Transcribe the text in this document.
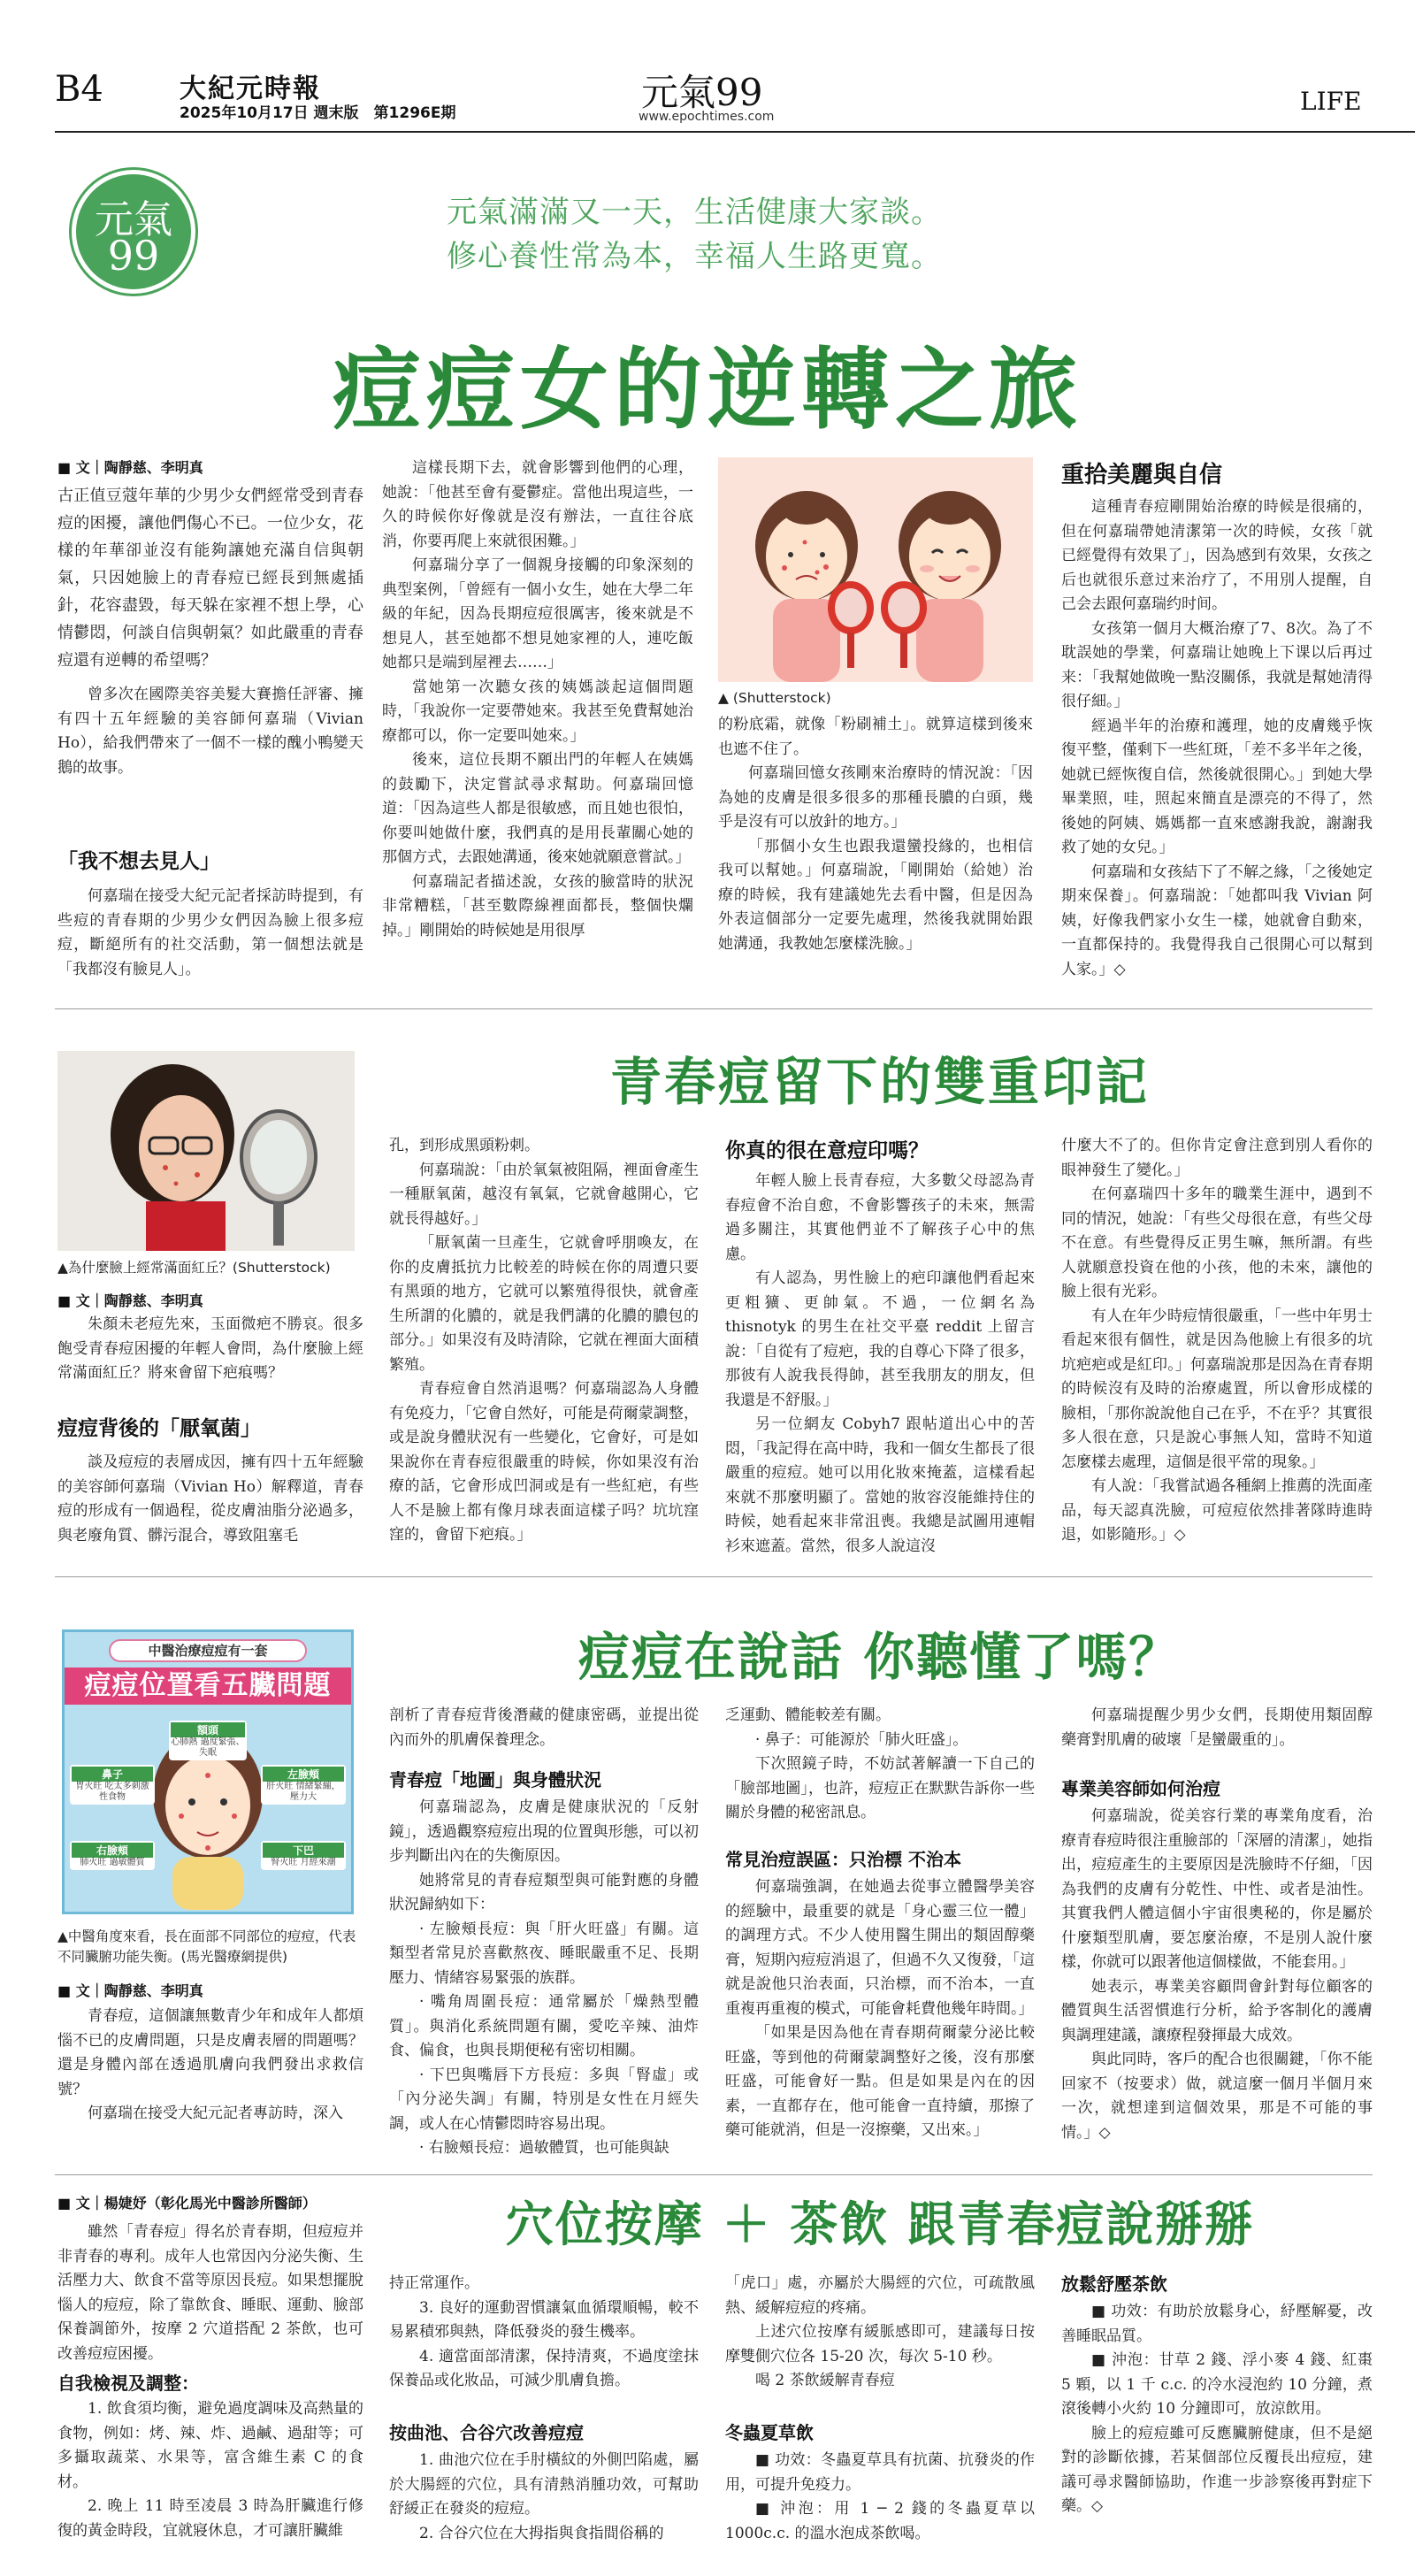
B4	大紀元時報
2025年10月17日 週末版　第1296E期	元氣99
www.epochtimes.com
LIFE
元氣
99
元氣滿滿又一天，生活健康大家談。
修心養性常為本，幸福人生路更寬。
痘痘女的逆轉之旅
■ 文｜陶靜慈、李明真

古正值豆蔻年華的少男少女們經常受到青春痘的困擾，讓他們傷心不已。一位少女，花樣的年華卻並沒有能夠讓她充滿自信與朝氣，只因她臉上的青春痘已經長到無處插針，花容盡毀，每天躲在家裡不想上學，心情鬱悶，何談自信與朝氣？如此嚴重的青春痘還有逆轉的希望嗎？

曾多次在國際美容美髮大賽擔任評審、擁有四十五年經驗的美容師何嘉瑞（Vivian Ho），給我們帶來了一個不一樣的醜小鴨變天鵝的故事。

「我不想去見人」

何嘉瑞在接受大紀元記者採訪時提到，有些痘的青春期的少男少女們因為臉上很多痘痘，斷絕所有的社交活動，第一個想法就是「我都沒有臉見人」。

這樣長期下去，就會影響到他們的心理，她說：「他甚至會有憂鬱症。當他出現這些，一久的時候你好像就是沒有辦法，一直往谷底消，你要再爬上來就很困難。」

何嘉瑞分享了一個親身接觸的印象深刻的典型案例，「曾經有一個小女生，她在大學二年級的年紀，因為長期痘痘很厲害，後來就是不想見人，甚至她都不想見她家裡的人，連吃飯她都只是端到屋裡去……」

當她第一次聽女孩的姨媽談起這個問題時，「我說你一定要帶她來。我甚至免費幫她治療都可以，你一定要叫她來。」

後來，這位長期不願出門的年輕人在姨媽的鼓勵下，決定嘗試尋求幫助。何嘉瑞回憶道：「因為這些人都是很敏感，而且她也很怕，你要叫她做什麼，我們真的是用長輩關心她的那個方式，去跟她溝通，後來她就願意嘗試。」

何嘉瑞記者描述說，女孩的臉當時的狀況非常糟糕，「甚至數際線裡面都長，整個快爛掉。」剛開始的時候她是用很厚

▲ (Shutterstock)

的粉底霜，就像「粉刷補土」。就算這樣到後來也遮不住了。

何嘉瑞回憶女孩剛來治療時的情況說：「因為她的皮膚是很多很多的那種長膿的白頭，幾乎是沒有可以放針的地方。」

「那個小女生也跟我還蠻投緣的，也相信我可以幫她。」何嘉瑞說，「剛開始（給她）治療的時候，我有建議她先去看中醫，但是因為外表這個部分一定要先處理，然後我就開始跟她溝通，我教她怎麼樣洗臉。」

重拾美麗與自信

這種青春痘剛開始治療的時候是很痛的，但在何嘉瑞帶她清潔第一次的時候，女孩「就已經覺得有效果了」，因為感到有效果，女孩之后也就很乐意过来治疗了，不用別人提醒，自己会去跟何嘉瑞约时间。

女孩第一個月大概治療了7、8次。為了不耽誤她的學業，何嘉瑞让她晚上下课以后再过来：「我幫她做晚一點沒關係，我就是幫她清得很仔細。」

經過半年的治療和護理，她的皮膚幾乎恢復平整，僅剩下一些紅斑，「差不多半年之後，她就已經恢復自信，然後就很開心。」到她大學畢業照，哇，照起來簡直是漂亮的不得了，然後她的阿姨、媽媽都一直來感謝我說，謝謝我救了她的女兒。」

何嘉瑞和女孩結下了不解之緣，「之後她定期來保養」。何嘉瑞說：「她都叫我 Vivian 阿姨，好像我們家小女生一樣，她就會自動來，一直都保持的。我覺得我自己很開心可以幫到人家。」◇

▲為什麼臉上經常滿面紅丘？(Shutterstock)
■ 文｜陶靜慈、李明真

朱顏未老痘先來，玉面微疤不勝哀。很多飽受青春痘困擾的年輕人會問，為什麼臉上經常滿面紅丘？將來會留下疤痕嗎？

痘痘背後的「厭氧菌」

談及痘痘的表層成因，擁有四十五年經驗的美容師何嘉瑞（Vivian Ho）解釋道，青春痘的形成有一個過程，從皮膚油脂分泌過多，與老廢角質、髒污混合，導致阻塞毛

青春痘留下的雙重印記

孔，到形成黑頭粉刺。

何嘉瑞說：「由於氧氣被阻隔，裡面會產生一種厭氧菌，越沒有氧氣，它就會越開心，它就長得越好。」

「厭氧菌一旦產生，它就會呼朋喚友，在你的皮膚抵抗力比較差的時候在你的周遭只要有黑頭的地方，它就可以繁殖得很快，就會產生所謂的化膿的，就是我們講的化膿的膿包的部分。」如果沒有及時清除，它就在裡面大面積繁殖。

青春痘會自然消退嗎？何嘉瑞認為人身體有免疫力，「它會自然好，可能是荷爾蒙調整，或是說身體狀況有一些變化，它會好，可是如果說你在青春痘很嚴重的時候，你如果沒有治療的話，它會形成凹洞或是有一些紅疤，有些人不是臉上都有像月球表面這樣子吗？坑坑窪窪的，會留下疤痕。」

你真的很在意痘印嗎？

年輕人臉上長青春痘，大多數父母認為青春痘會不治自愈，不會影響孩子的未來，無需過多關注，其實他們並不了解孩子心中的焦慮。

有人認為，男性臉上的疤印讓他們看起來更粗獷、更帥氣。不過，一位網名為 thisnotyk 的男生在社交平臺 reddit 上留言說：「自從有了痘疤，我的自尊心下降了很多，那彼有人說我長得帥，甚至我朋友的朋友，但我還是不舒服。」

另一位網友 Cobyh7 跟帖道出心中的苦悶，「我記得在高中時，我和一個女生都長了很嚴重的痘痘。她可以用化妝來掩蓋，這樣看起來就不那麼明顯了。當她的妝容沒能維持住的時候，她看起來非常沮喪。我總是試圖用連帽衫來遮蓋。當然，很多人說這沒

什麼大不了的。但你肯定會注意到別人看你的眼神發生了變化。」

在何嘉瑞四十多年的職業生涯中，遇到不同的情況，她說：「有些父母很在意，有些父母不在意。有些覺得反正男生嘛，無所謂。有些人就願意投資在他的小孩，他的未來，讓他的臉上很有光彩。

有人在年少時痘情很嚴重，「一些中年男士看起來很有個性，就是因為他臉上有很多的坑坑疤疤或是紅印。」何嘉瑞說那是因為在青春期的時候沒有及時的治療處置，所以會形成樣的臉相，「那你說說他自己在乎，不在乎？其實很多人很在意，只是說心事無人知，當時不知道怎麼樣去處理，這個是很平常的現象。」

有人說：「我嘗試過各種網上推薦的洗面產品，每天認真洗臉，可痘痘依然排著隊時進時退，如影隨形。」◇

中醫治療痘痘有一套
痘痘位置看五臟問題
額頭
心肺熱 過度緊張、失眠
鼻子
胃火旺 吃太多刺激性食物
左臉頰
肝火旺 情緒緊繃，壓力大
右臉頰
肺火旺 過敏體質
下巴
腎火旺 月經來潮
▲中醫角度來看，長在面部不同部位的痘痘，代表不同臟腑功能失衡。(馬光醫療網提供)
■ 文｜陶靜慈、李明真

青春痘，這個讓無數青少年和成年人都煩惱不已的皮膚問題，只是皮膚表層的問題嗎？還是身體內部在透過肌膚向我們發出求救信號？

何嘉瑞在接受大紀元記者專訪時，深入

痘痘在說話 你聽懂了嗎？

剖析了青春痘背後潛藏的健康密碼，並提出從內而外的肌膚保養理念。

青春痘「地圖」與身體狀況

何嘉瑞認為，皮膚是健康狀況的「反射鏡」，透過觀察痘痘出現的位置與形態，可以初步判斷出內在的失衡原因。

她將常見的青春痘類型與可能對應的身體狀況歸納如下：

· 左臉頰長痘：與「肝火旺盛」有關。這類型者常見於喜歡熬夜、睡眠嚴重不足、長期壓力、情緒容易緊張的族群。

· 嘴角周圍長痘：通常屬於「燥熱型體質」。與消化系統問題有關，愛吃辛辣、油炸食、偏食，也與長期便秘有密切相關。

· 下巴與嘴唇下方長痘：多與「腎虛」或「內分泌失調」有關，特別是女性在月經失調，或人在心情鬱悶時容易出現。

· 右臉頰長痘：過敏體質，也可能與缺

乏運動、體能較差有關。

· 鼻子：可能源於「肺火旺盛」。

下次照鏡子時，不妨試著解讀一下自己的「臉部地圖」，也許，痘痘正在默默告訴你一些關於身體的秘密訊息。

常見治痘誤區：只治標 不治本

何嘉瑞強調，在她過去從事立體醫學美容的經驗中，最重要的就是「身心靈三位一體」的調理方式。不少人使用醫生開出的類固醇藥膏，短期內痘痘消退了，但過不久又復發，「這就是說他只治表面，只治標，而不治本，一直重複再重複的模式，可能會耗費他幾年時間。」

「如果是因為他在青春期荷爾蒙分泌比較旺盛，等到他的荷爾蒙調整好之後，沒有那麼旺盛，可能會好一點。但是如果是內在的因素，一直都存在，他可能會一直持續，那擦了藥可能就消，但是一沒擦藥，又出來。」

何嘉瑞提醒少男少女們，長期使用類固醇藥膏對肌膚的破壞「是蠻嚴重的」。

專業美容師如何治痘

何嘉瑞說，從美容行業的專業角度看，治療青春痘時很注重臉部的「深層的清潔」，她指出，痘痘產生的主要原因是洗臉時不仔細，「因為我們的皮膚有分乾性、中性、或者是油性。其實我們人體這個小宇宙很奧秘的，你是屬於什麼類型肌膚，要怎麼治療，不是別人說什麼樣，你就可以跟著他這個樣做，不能套用。」

她表示，專業美容顧問會針對每位顧客的體質與生活習慣進行分析，給予客制化的護膚與調理建議，讓療程發揮最大成效。

與此同時，客戶的配合也很關鍵，「你不能回家不（按要求）做，就這麼一個月半個月來一次，就想達到這個效果，那是不可能的事情。」◇

■ 文｜楊婕妤（彰化馬光中醫診所醫師）	穴位按摩 ＋ 茶飲 跟青春痘說掰掰

雖然「青春痘」得名於青春期，但痘痘并非青春的專利。成年人也常因內分泌失衡、生活壓力大、飲食不當等原因長痘。如果想擺脫惱人的痘痘，除了靠飲食、睡眠、運動、臉部保養調節外，按摩 2 穴道搭配 2 茶飲，也可改善痘痘困擾。

自我檢視及調整：

1. 飲食須均衡，避免過度調味及高熱量的食物，例如：烤、辣、炸、過鹹、過甜等；可多攝取蔬菜、水果等，富含維生素 C 的食材。

2. 晚上 11 時至凌晨 3 時為肝臟進行修復的黃金時段，宜就寢休息，才可讓肝臟維

持正常運作。

3. 良好的運動習慣讓氣血循環順暢，較不易累積邪與熱，降低發炎的發生機率。

4. 適當面部清潔，保持清爽，不過度塗抹保養品或化妝品，可減少肌膚負擔。

按曲池、合谷穴改善痘痘

1. 曲池穴位在手肘橫紋的外側凹陷處，屬於大腸經的穴位，具有清熱消腫功效，可幫助舒緩正在發炎的痘痘。

2. 合谷穴位在大拇指與食指間俗稱的

「虎口」處，亦屬於大腸經的穴位，可疏散風熱、緩解痘痘的疼痛。

上述穴位按摩有緩脈感即可，建議每日按摩雙側穴位各 15-20 次，每次 5-10 秒。

喝 2 茶飲緩解青春痘

冬蟲夏草飲

■ 功效：冬蟲夏草具有抗菌、抗發炎的作用，可提升免疫力。

■ 沖泡：用 1 ─ 2 錢的冬蟲夏草以 1000c.c. 的溫水泡成茶飲喝。

放鬆舒壓茶飲

■ 功效：有助於放鬆身心，紓壓解憂，改善睡眠品質。

■ 沖泡：甘草 2 錢、浮小麥 4 錢、紅棗 5 顆，以 1 千 c.c. 的冷水浸泡約 10 分鐘，煮滾後轉小火約 10 分鐘即可，放涼飲用。

臉上的痘痘雖可反應臟腑健康，但不是絕對的診斷依據，若某個部位反覆長出痘痘，建議可尋求醫師協助，作進一步診察後再對症下藥。◇
